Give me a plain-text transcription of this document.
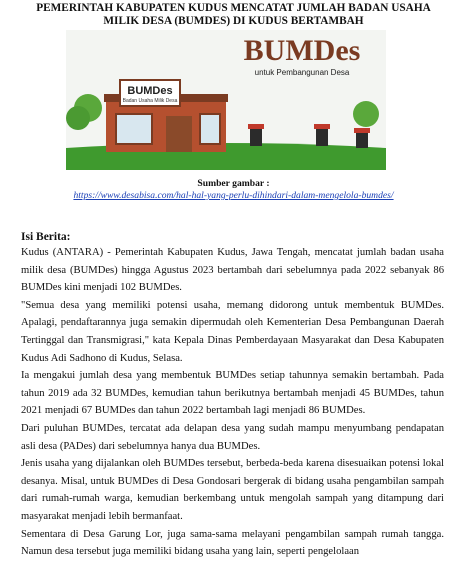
PEMERINTAH KABUPATEN KUDUS MENCATAT JUMLAH BADAN USAHA
MILIK DESA (BUMDES) DI KUDUS BERTAMBAH
BUMDes
Badan Usaha Milik Desa
BUMDes
untuk Pembangunan Desa
Sumber gambar :
https://www.desabisa.com/hal-hal-yang-perlu-dihindari-dalam-mengelola-bumdes/
Isi Berita:

Kudus (ANTARA) - Pemerintah Kabupaten Kudus, Jawa Tengah, mencatat jumlah badan usaha milik desa (BUMDes) hingga Agustus 2023 bertambah dari sebelumnya pada 2022 sebanyak 86 BUMDes kini menjadi 102 BUMDes.

"Semua desa yang memiliki potensi usaha, memang didorong untuk membentuk BUMDes. Apalagi, pendaftarannya juga semakin dipermudah oleh Kementerian Desa Pembangunan Daerah Tertinggal dan Transmigrasi," kata Kepala Dinas Pemberdayaan Masyarakat dan Desa Kabupaten Kudus Adi Sadhono di Kudus, Selasa.

Ia mengakui jumlah desa yang membentuk BUMDes setiap tahunnya semakin bertambah. Pada tahun 2019 ada 32 BUMDes, kemudian tahun berikutnya bertambah menjadi 45 BUMDes, tahun 2021 menjadi 67 BUMDes dan tahun 2022 bertambah lagi menjadi 86 BUMDes.

Dari puluhan BUMDes, tercatat ada delapan desa yang sudah mampu menyumbang pendapatan asli desa (PADes) dari sebelumnya hanya dua BUMDes.

Jenis usaha yang dijalankan oleh BUMDes tersebut, berbeda-beda karena disesuaikan potensi lokal desanya. Misal, untuk BUMDes di Desa Gondosari bergerak di bidang usaha pengambilan sampah dari rumah-rumah warga, kemudian berkembang untuk mengolah sampah yang ditampung dari masyarakat menjadi lebih bermanfaat.

Sementara di Desa Garung Lor, juga sama-sama melayani pengambilan sampah rumah tangga. Namun desa tersebut juga memiliki bidang usaha yang lain, seperti pengelolaan
